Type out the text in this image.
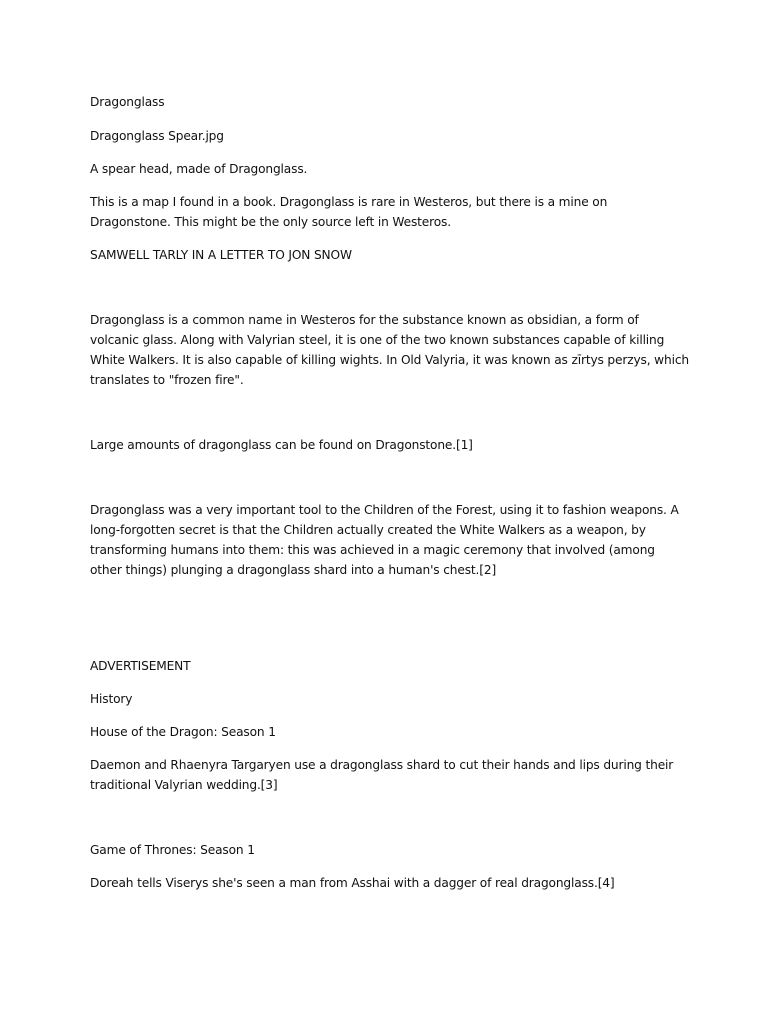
Dragonglass

Dragonglass Spear.jpg

A spear head, made of Dragonglass.

This is a map I found in a book. Dragonglass is rare in Westeros, but there is a mine on Dragonstone. This might be the only source left in Westeros.

SAMWELL TARLY IN A LETTER TO JON SNOW

Dragonglass is a common name in Westeros for the substance known as obsidian, a form of volcanic glass. Along with Valyrian steel, it is one of the two known substances capable of killing White Walkers. It is also capable of killing wights. In Old Valyria, it was known as zīrtys perzys, which translates to "frozen fire".

Large amounts of dragonglass can be found on Dragonstone.[1]

Dragonglass was a very important tool to the Children of the Forest, using it to fashion weapons. A long-forgotten secret is that the Children actually created the White Walkers as a weapon, by transforming humans into them: this was achieved in a magic ceremony that involved (among other things) plunging a dragonglass shard into a human's chest.[2]

ADVERTISEMENT

History

House of the Dragon: Season 1

Daemon and Rhaenyra Targaryen use a dragonglass shard to cut their hands and lips during their traditional Valyrian wedding.[3]

Game of Thrones: Season 1

Doreah tells Viserys she's seen a man from Asshai with a dagger of real dragonglass.[4]
